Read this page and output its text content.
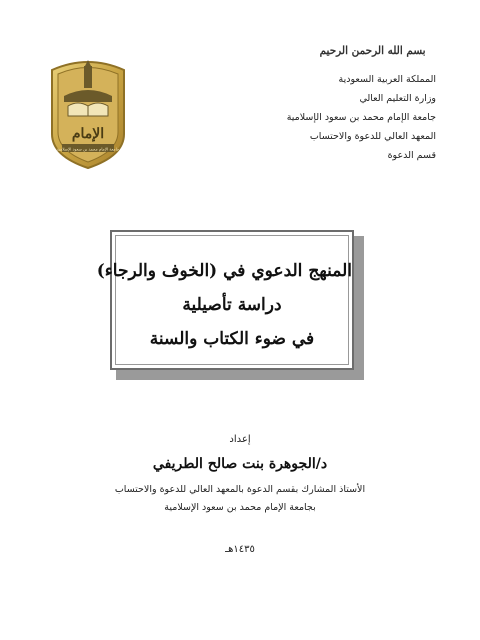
بسم الله الرحمن الرحيم
المملكة العربية السعودية
وزارة التعليم العالي
جامعة الإمام محمد بن سعود الإسلامية
المعهد العالي للدعوة والاحتساب
قسم الدعوة
الإمام
جامعة الإمام محمد بن سعود الإسلامية
المنهج الدعوي في (الخوف والرجاء)
دراسة تأصيلية
في ضوء الكتاب والسنة
إعداد
د/الجوهرة بنت صالح الطريفي
الأستاذ المشارك بقسم الدعوة بالمعهد العالي للدعوة والاحتساب
بجامعة الإمام محمد بن سعود الإسلامية
١٤٣٥هـ
